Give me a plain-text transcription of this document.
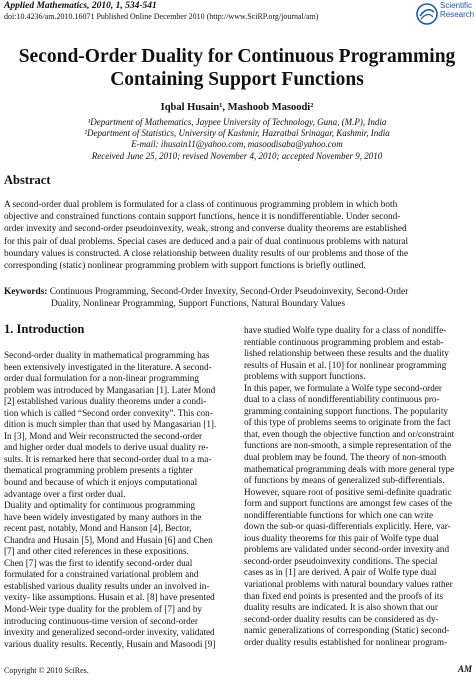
Applied Mathematics, 2010, 1, 534-541
doi:10.4236/am.2010.16071 Published Online December 2010 (http://www.SciRP.org/journal/am)
Scientific
Research
Second-Order Duality for Continuous Programming
Containing Support Functions
Iqbal Husain¹, Mashoob Masoodi²
¹Department of Mathematics, Jaypee University of Technology, Guna, (M.P), India
²Department of Statistics, University of Kashmir, Hazratbal Srinagar, Kashmir, India
E-mail: ihusain11@yahoo.com, masoodisaba@yahoo.com
Received June 25, 2010; revised November 4, 2010; accepted November 9, 2010
Abstract
A second-order dual problem is formulated for a class of continuous programming problem in which both
objective and constrained functions contain support functions, hence it is nondifferentiable. Under second-
order invexity and second-order pseudoinvexity, weak, strong and converse duality theorems are established
for this pair of dual problems. Special cases are deduced and a pair of dual continuous problems with natural
boundary values is constructed. A close relationship between duality results of our problems and those of the
corresponding (static) nonlinear programming problem with support functions is briefly outlined.
Keywords: Continuous Programming, Second-Order Invexity, Second-Order Pseudoinvexity, Second-Order
Duality, Nonlinear Programming, Support Functions, Natural Boundary Values
1. Introduction
Second-order duality in mathematical programming has
been extensively investigated in the literature. A second-
order dual formulation for a non-linear programming
problem was introduced by Mangasarian [1]. Later Mond
[2] established various duality theorems under a condi-
tion which is called “Second order convexity”. This con-
dition is much simpler than that used by Mangasarian [1].
In [3], Mond and Weir reconstructed the second-order
and higher order dual models to derive usual duality re-
sults. It is remarked here that second-order dual to a ma-
thematical programming problem presents a tighter
bound and because of which it enjoys computational
advantage over a first order dual.
Duality and optimality for continuous programming
have been widely investigated by many authors in the
recent past, notably, Mond and Hanson [4], Bector,
Chandra and Husain [5], Mond and Husain [6] and Chen
[7] and other cited references in these expositions.
Chen [7] was the first to identify second-order dual
formulated for a constrained variational problem and
established various duality results under an involved in-
vexity- like assumptions. Husain et al. [8] have presented
Mond-Weir type duality for the problem of [7] and by
introducing continuous-time version of second-order
invexity and generalized second-order invexity, validated
various duality results. Recently, Husain and Masoodi [9]
have studied Wolfe type duality for a class of nondiffe-
rentiable continuous programming problem and estab-
lished relationship between these results and the duality
results of Husain et al. [10] for nonlinear programming
problems with support functions.
In this paper, we formulate a Wolfe type second-order
dual to a class of nondifferentiability continuous pro-
gramming containing support functions. The popularity
of this type of problems seems to originate from the fact
that, even though the objective function and or/constraint
functions are non-smooth, a simple representation of the
dual problem may be found. The theory of non-smooth
mathematical programming deals with more general type
of functions by means of generalized sub-differentials.
However, square root of positive semi-definite quadratic
form and support functions are amongst few cases of the
nondifferentiable functions for which one can write
down the sub-or quasi-differentials explicitly. Here, var-
ious duality theorems for this pair of Wolfe type dual
problems are validated under second-order invexity and
second-order pseudoinvexity conditions. The special
cases as in [1] are derived. A pair of Wolfe type dual
variational problems with natural boundary values rather
than fixed end points is presented and the proofs of its
duality results are indicated. It is also shown that our
second-order duality results can be considered as dy-
namic generalizations of corresponding (Static) second-
order duality results established for nonlinear program-
Copyright © 2010 SciRes.	AM
